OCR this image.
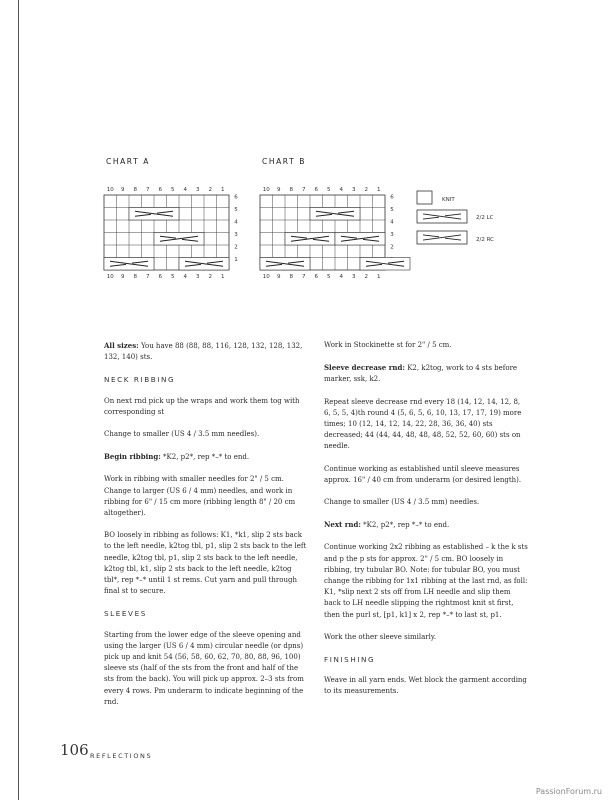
CHART A	CHART B
10
10
9
9
8
8
7
7
6
6
5
5
4
4
3
3
2
2
1
1
6
5
4
3
2
1
10
10
9
9
8
8
7
7
6
6
5
5
4
4
3
3
2
2
1
1
6
5
4
3
2
KNIT
2/2 LC
2/2 RC

All sizes: You have 88 (88, 88, 116, 128, 132, 128, 132, 132, 140) sts.

NECK RIBBING

On next rnd pick up the wraps and work them tog with corresponding st

Change to smaller (US 4 / 3.5 mm needles).

Begin ribbing: *K2, p2*, rep *–* to end.

Work in ribbing with smaller needles for 2" / 5 cm. Change to larger (US 6 / 4 mm) needles, and work in ribbing for 6" / 15 cm more (ribbing length 8" / 20 cm altogether).

BO loosely in ribbing as follows: K1, *k1, slip 2 sts back to the left needle, k2tog tbl, p1, slip 2 sts back to the left needle, k2tog tbl, p1, slip 2 sts back to the left needle, k2tog tbl, k1, slip 2 sts back to the left needle, k2tog tbl*, rep *–* until 1 st rems. Cut yarn and pull through final st to secure.

SLEEVES

Starting from the lower edge of the sleeve opening and using the larger (US 6 / 4 mm) circular needle (or dpns) pick up and knit 54 (56, 58, 60, 62, 70, 80, 88, 96, 100) sleeve sts (half of the sts from the front and half of the sts from the back). You will pick up approx. 2–3 sts from every 4 rows. Pm underarm to indicate beginning of the rnd.

Work in Stockinette st for 2" / 5 cm.

Sleeve decrease rnd: K2, k2tog, work to 4 sts before marker, ssk, k2.

Repeat sleeve decrease rnd every 18 (14, 12, 14, 12, 8, 6, 5, 5, 4)th round 4 (5, 6, 5, 6, 10, 13, 17, 17, 19) more times; 10 (12, 14, 12, 14, 22, 28, 36, 36, 40) sts decreased; 44 (44, 44, 48, 48, 48, 52, 52, 60, 60) sts on needle.

Continue working as established until sleeve measures approx. 16" / 40 cm from underarm (or desired length).

Change to smaller (US 4 / 3.5 mm) needles.

Next rnd: *K2, p2*, rep *–* to end.

Continue working 2x2 ribbing as established – k the k sts and p the p sts for approx. 2" / 5 cm. BO loosely in ribbing, try tubular BO. Note: for tubular BO, you must change the ribbing for 1x1 ribbing at the last rnd, as foll: K1, *slip next 2 sts off from LH needle and slip them back to LH needle slipping the rightmost knit st first, then the purl st, [p1, k1] x 2, rep *–* to last st, p1.

Work the other sleeve similarly.

FINISHING

Weave in all yarn ends. Wet block the garment according to its measurements.

106 REFLECTIONS
PassionForum.ru
